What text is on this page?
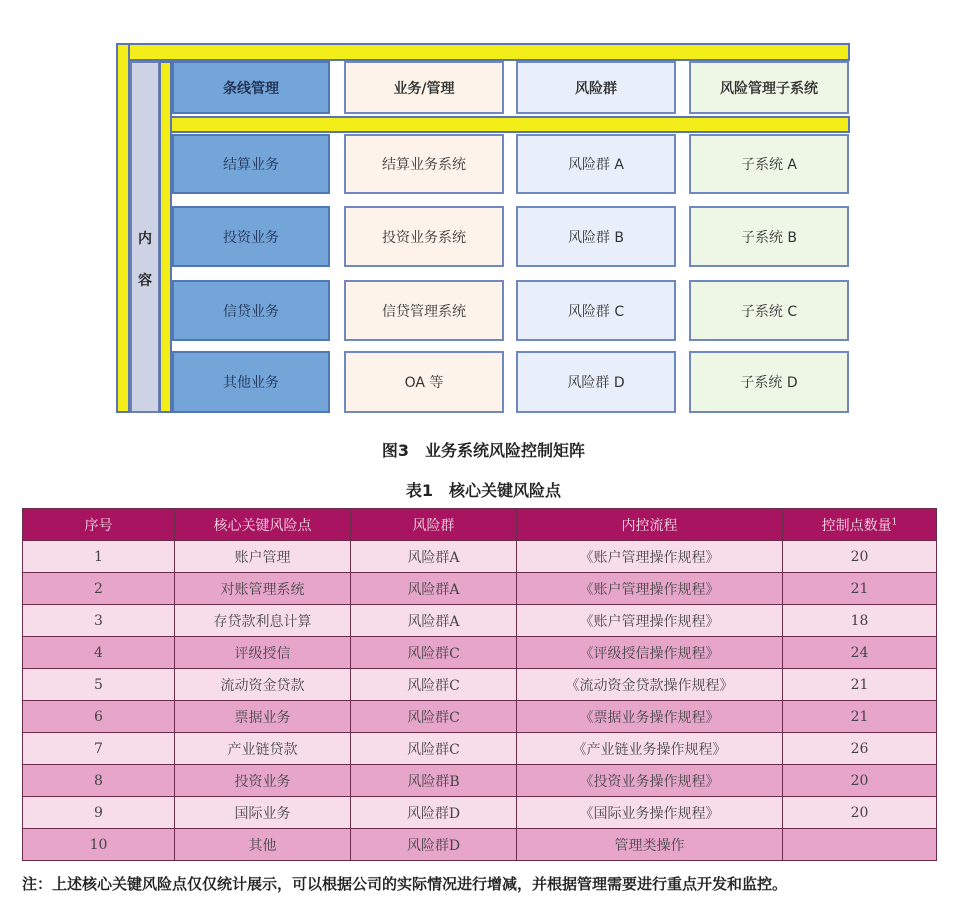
内
容
条线管理	业务/管理	风险群	风险管理子系统
结算业务	结算业务系统	风险群 A	子系统 A
投资业务	投资业务系统	风险群 B	子系统 B
信贷业务	信贷管理系统	风险群 C	子系统 C
其他业务	OA 等	风险群 D	子系统 D
图3　业务系统风险控制矩阵
表1　核心关键风险点
序号	核心关键风险点	风险群	内控流程	控制点数量$^1$
1	账户管理	风险群A	《账户管理操作规程》	20
2	对账管理系统	风险群A	《账户管理操作规程》	21
3	存贷款利息计算	风险群A	《账户管理操作规程》	18
4	评级授信	风险群C	《评级授信操作规程》	24
5	流动资金贷款	风险群C	《流动资金贷款操作规程》	21
6	票据业务	风险群C	《票据业务操作规程》	21
7	产业链贷款	风险群C	《产业链业务操作规程》	26
8	投资业务	风险群B	《投资业务操作规程》	20
9	国际业务	风险群D	《国际业务操作规程》	20
10	其他	风险群D	管理类操作	
注：上述核心关键风险点仅仅统计展示，可以根据公司的实际情况进行增减，并根据管理需要进行重点开发和监控。
